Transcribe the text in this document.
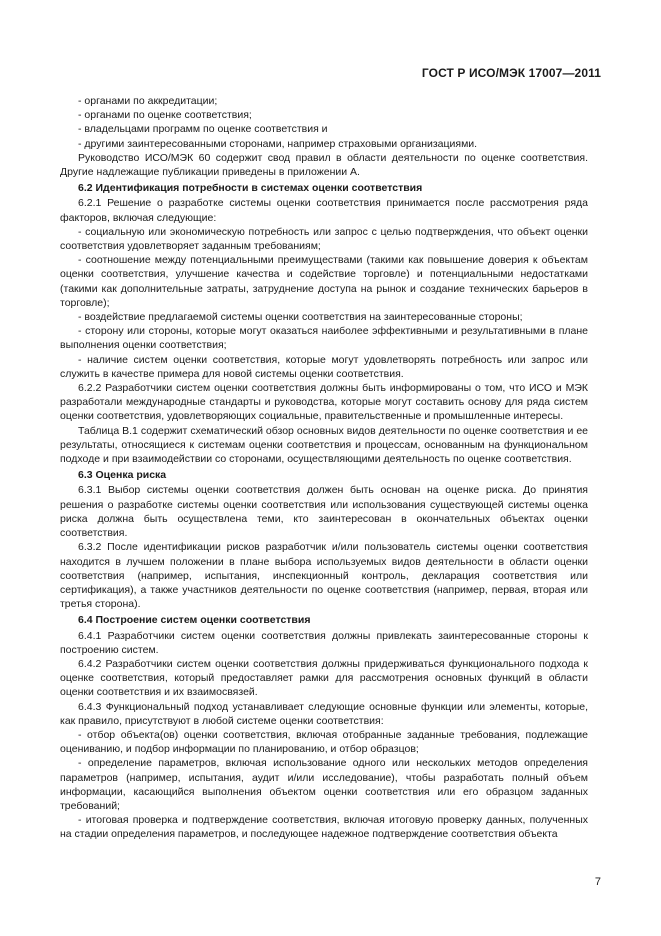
ГОСТ Р ИСО/МЭК 17007—2011

- органами по аккредитации;

- органами по оценке соответствия;

- владельцами программ по оценке соответствия и

- другими заинтересованными сторонами, например страховыми организациями.

Руководство ИСО/МЭК 60 содержит свод правил в области деятельности по оценке соответствия. Другие надлежащие публикации приведены в приложении А.

6.2 Идентификация потребности в системах оценки соответствия

6.2.1 Решение о разработке системы оценки соответствия принимается после рассмотрения ряда факторов, включая следующие:

- социальную или экономическую потребность или запрос с целью подтверждения, что объект оценки соответствия удовлетворяет заданным требованиям;

- соотношение между потенциальными преимуществами (такими как повышение доверия к объектам оценки соответствия, улучшение качества и содействие торговле) и потенциальными недостатками (такими как дополнительные затраты, затруднение доступа на рынок и создание технических барьеров в торговле);

- воздействие предлагаемой системы оценки соответствия на заинтересованные стороны;

- сторону или стороны, которые могут оказаться наиболее эффективными и результативными в плане выполнения оценки соответствия;

- наличие систем оценки соответствия, которые могут удовлетворять потребность или запрос или служить в качестве примера для новой системы оценки соответствия.

6.2.2 Разработчики систем оценки соответствия должны быть информированы о том, что ИСО и МЭК разработали международные стандарты и руководства, которые могут составить основу для ряда систем оценки соответствия, удовлетворяющих социальные, правительственные и промышленные интересы.

Таблица В.1 содержит схематический обзор основных видов деятельности по оценке соответствия и ее результаты, относящиеся к системам оценки соответствия и процессам, основанным на функциональном подходе и при взаимодействии со сторонами, осуществляющими деятельность по оценке соответствия.

6.3 Оценка риска

6.3.1 Выбор системы оценки соответствия должен быть основан на оценке риска. До принятия решения о разработке системы оценки соответствия или использования существующей системы оценка риска должна быть осуществлена теми, кто заинтересован в окончательных объектах оценки соответствия.

6.3.2 После идентификации рисков разработчик и/или пользователь системы оценки соответствия находится в лучшем положении в плане выбора используемых видов деятельности в области оценки соответствия (например, испытания, инспекционный контроль, декларация соответствия или сертификация), а также участников деятельности по оценке соответствия (например, первая, вторая или третья сторона).

6.4 Построение систем оценки соответствия

6.4.1 Разработчики систем оценки соответствия должны привлекать заинтересованные стороны к построению систем.

6.4.2 Разработчики систем оценки соответствия должны придерживаться функционального подхода к оценке соответствия, который предоставляет рамки для рассмотрения основных функций в области оценки соответствия и их взаимосвязей.

6.4.3 Функциональный подход устанавливает следующие основные функции или элементы, которые, как правило, присутствуют в любой системе оценки соответствия:

- отбор объекта(ов) оценки соответствия, включая отобранные заданные требования, подлежащие оцениванию, и подбор информации по планированию, и отбор образцов;

- определение параметров, включая использование одного или нескольких методов определения параметров (например, испытания, аудит и/или исследование), чтобы разработать полный объем информации, касающийся выполнения объектом оценки соответствия или его образцом заданных требований;

- итоговая проверка и подтверждение соответствия, включая итоговую проверку данных, полученных на стадии определения параметров, и последующее надежное подтверждение соответствия объекта

7
